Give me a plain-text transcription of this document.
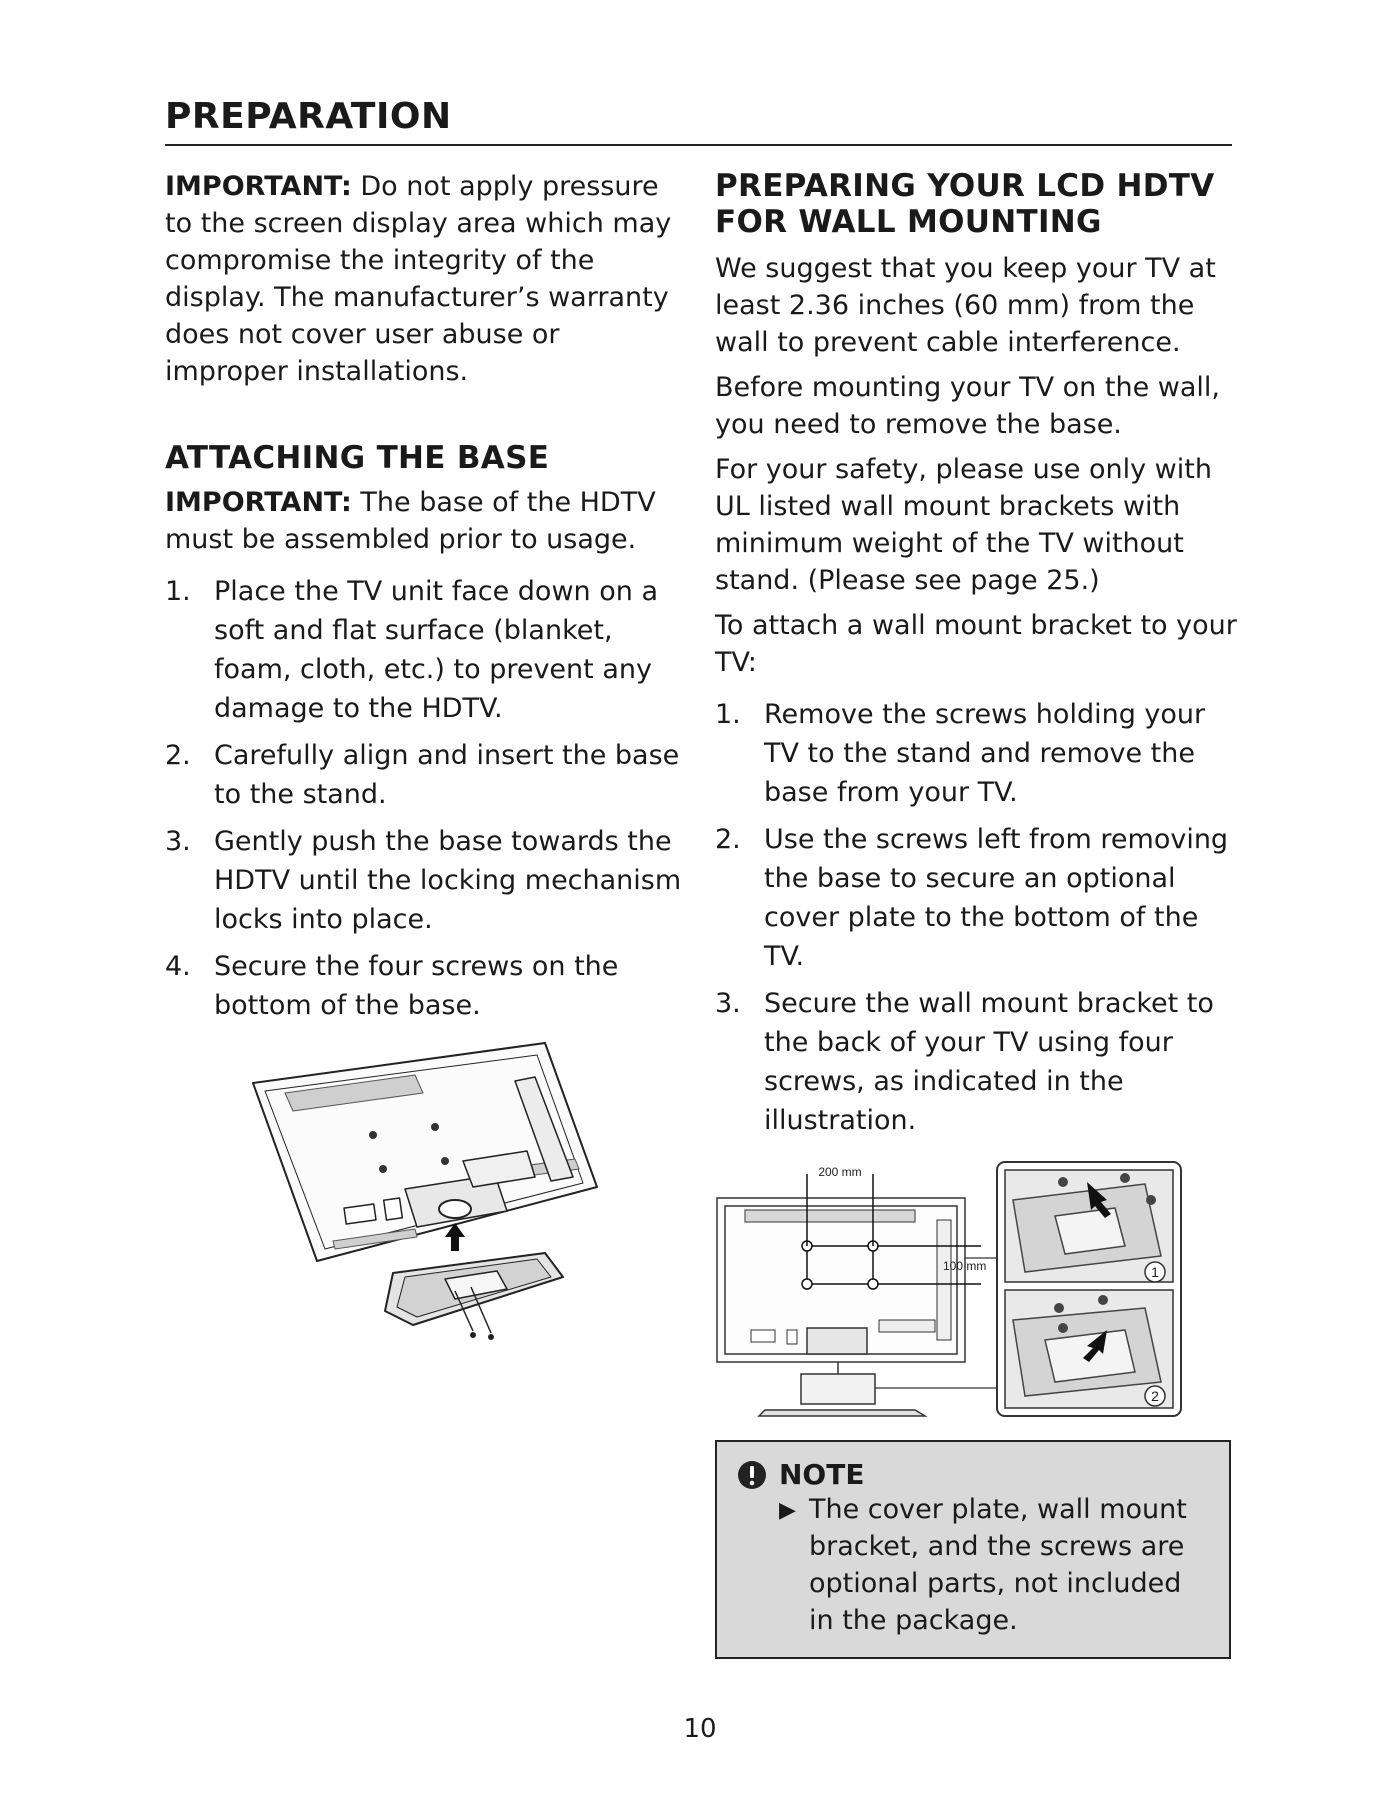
PREPARATION

IMPORTANT: Do not apply pressure to the screen display area which may compromise the integrity of the display. The manufacturer’s warranty does not cover user abuse or improper installations.

ATTACHING THE BASE

IMPORTANT: The base of the HDTV must be assembled prior to usage.

1. Place the TV unit face down on a soft and flat surface (blanket, foam, cloth, etc.) to prevent any damage to the HDTV.
2. Carefully align and insert the base to the stand.
3. Gently push the base towards the HDTV until the locking mechanism locks into place.
4. Secure the four screws on the bottom of the base.
PREPARING YOUR LCD HDTV FOR WALL MOUNTING

We suggest that you keep your TV at least 2.36 inches (60 mm) from the wall to prevent cable interference.

Before mounting your TV on the wall, you need to remove the base.

For your safety, please use only with UL listed wall mount brackets with minimum weight of the TV without stand. (Please see page 25.)

To attach a wall mount bracket to your TV:

1. Remove the screws holding your TV to the stand and remove the base from your TV.
2. Use the screws left from removing the base to secure an optional cover plate to the bottom of the TV.
3. Secure the wall mount bracket to the back of your TV using four screws, as indicated in the illustration.
200 mm
100 mm	1
2
NOTE

▶ The cover plate, wall mount bracket, and the screws are optional parts, not included in the package.

10
